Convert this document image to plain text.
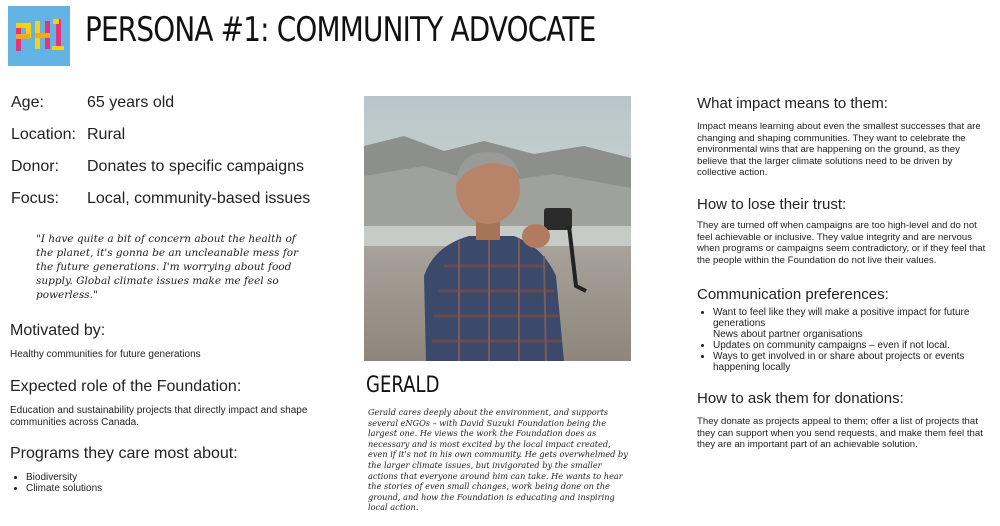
PERSONA #1: COMMUNITY ADVOCATE
Age:	65 years old
Location: Rural
Donor: Donates to specific campaigns
Focus: Local, community-based issues
"I have quite a bit of concern about the health of the planet, it's gonna be an uncleanable mess for the future generations. I'm worrying about food supply. Global climate issues make me feel so powerless."
Motivated by:
Healthy communities for future generations
Expected role of the Foundation:
Education and sustainability projects that directly impact and shape communities across Canada.
Programs they care most about:
• Biodiversity
• Climate solutions
GERALD
Gerald cares deeply about the environment, and supports several eNGOs – with David Suzuki Foundation being the largest one. He views the work the Foundation does as necessary and is most excited by the local impact created, even if it's not in his own community. He gets overwhelmed by the larger climate issues, but invigorated by the smaller actions that everyone around him can take. He wants to hear the stories of even small changes, work being done on the ground, and how the Foundation is educating and inspiring local action.
What impact means to them:
Impact means learning about even the smallest successes that are changing and shaping communities. They want to celebrate the environmental wins that are happening on the ground, as they believe that the larger climate solutions need to be driven by collective action.
How to lose their trust:
They are turned off when campaigns are too high-level and do not feel achievable or inclusive. They value integrity and are nervous when programs or campaigns seem contradictory, or if they feel that the people within the Foundation do not live their values.
Communication preferences:
• Want to feel like they will make a positive impact for future generations
News about partner organisations
• Updates on community campaigns – even if not local.
• Ways to get involved in or share about projects or events happening locally
How to ask them for donations:
They donate as projects appeal to them; offer a list of projects that they can support when you send requests, and make them feel that they are an important part of an achievable solution.
